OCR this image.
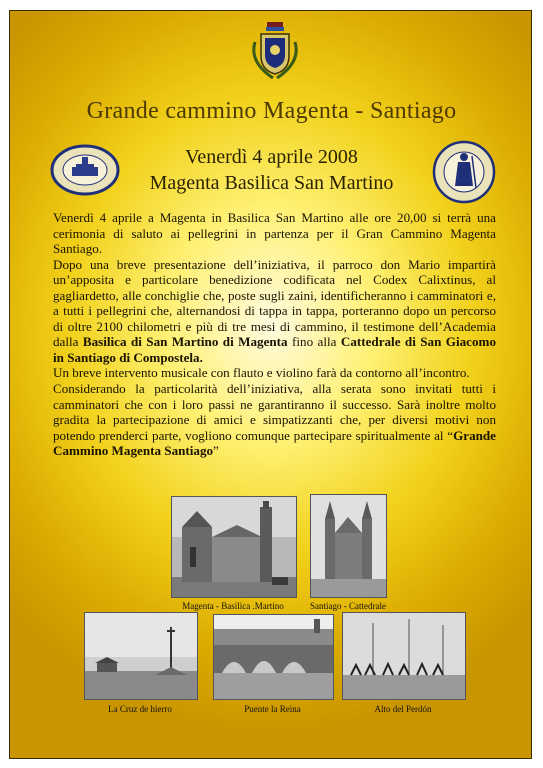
Grande cammino Magenta - Santiago
Venerdì 4 aprile 2008
Magenta Basilica San Martino

Venerdì 4 aprile a Magenta in Basilica San Martino alle ore 20,00 si terrà una cerimonia di saluto ai pellegrini in partenza per il Gran Cammino Magenta Santiago.

Dopo una breve presentazione dell’iniziativa, il parroco don Mario impartirà un’apposita e particolare benedizione codificata nel Codex Calixtinus, al gagliardetto, alle conchiglie che, poste sugli zaini, identificheranno i camminatori e, a tutti i pellegrini che, alternandosi di tappa in tappa, porteranno dopo un percorso di oltre 2100 chilometri e più di tre mesi di cammino, il testimone dell’Academia dalla Basilica di San Martino di Magenta fino alla Cattedrale di San Giacomo in Santiago di Compostela.

Un breve intervento musicale con flauto e violino farà da contorno all’incontro.

Considerando la particolarità dell’iniziativa, alla serata sono invitati tutti i camminatori che con i loro passi ne garantiranno il successo. Sarà inoltre molto gradita la partecipazione di amici e simpatizzanti che, per diversi motivi non potendo prenderci parte, vogliono comunque partecipare spiritualmente al “Grande Cammino Magenta Santiago”

Magenta - Basilica .Martino	Santiago - Cattedrale
La Cruz de hierro	Puente la Reina	Alto del Perdón
